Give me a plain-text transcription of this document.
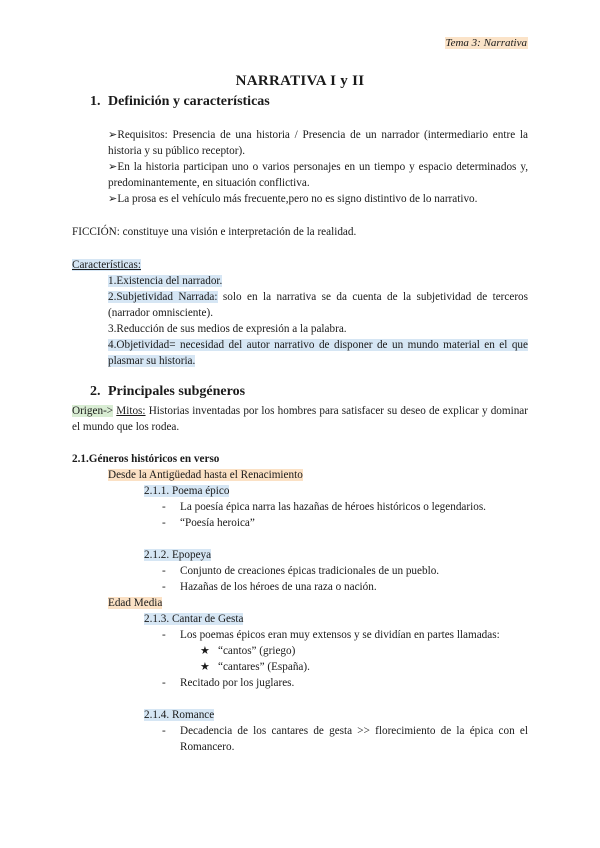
Tema 3: Narrativa
NARRATIVA I y II
1. Definición y características
➢Requisitos: Presencia de una historia / Presencia de un narrador (intermediario entre la historia y su público receptor).
➢En la historia participan uno o varios personajes en un tiempo y espacio determinados y, predominantemente, en situación conflictiva.
➢La prosa es el vehículo más frecuente,pero no es signo distintivo de lo narrativo.
FICCIÓN: constituye una visión e interpretación de la realidad.
Características:
1.Existencia del narrador.
2.Subjetividad Narrada: solo en la narrativa se da cuenta de la subjetividad de terceros (narrador omnisciente).
3.Reducción de sus medios de expresión a la palabra.
4.Objetividad= necesidad del autor narrativo de disponer de un mundo material en el que plasmar su historia.
2. Principales subgéneros
Origen-> Mitos: Historias inventadas por los hombres para satisfacer su deseo de explicar y dominar el mundo que los rodea.
2.1.Géneros históricos en verso
Desde la Antigüedad hasta el Renacimiento
2.1.1. Poema épico
- La poesía épica narra las hazañas de héroes históricos o legendarios.
- “Poesía heroica”
2.1.2. Epopeya
- Conjunto de creaciones épicas tradicionales de un pueblo.
- Hazañas de los héroes de una raza o nación.
Edad Media
2.1.3. Cantar de Gesta
- Los poemas épicos eran muy extensos y se dividían en partes llamadas:
★ “cantos” (griego)
★ “cantares” (España).
- Recitado por los juglares.
2.1.4. Romance
- Decadencia de los cantares de gesta >> florecimiento de la épica con el Romancero.
